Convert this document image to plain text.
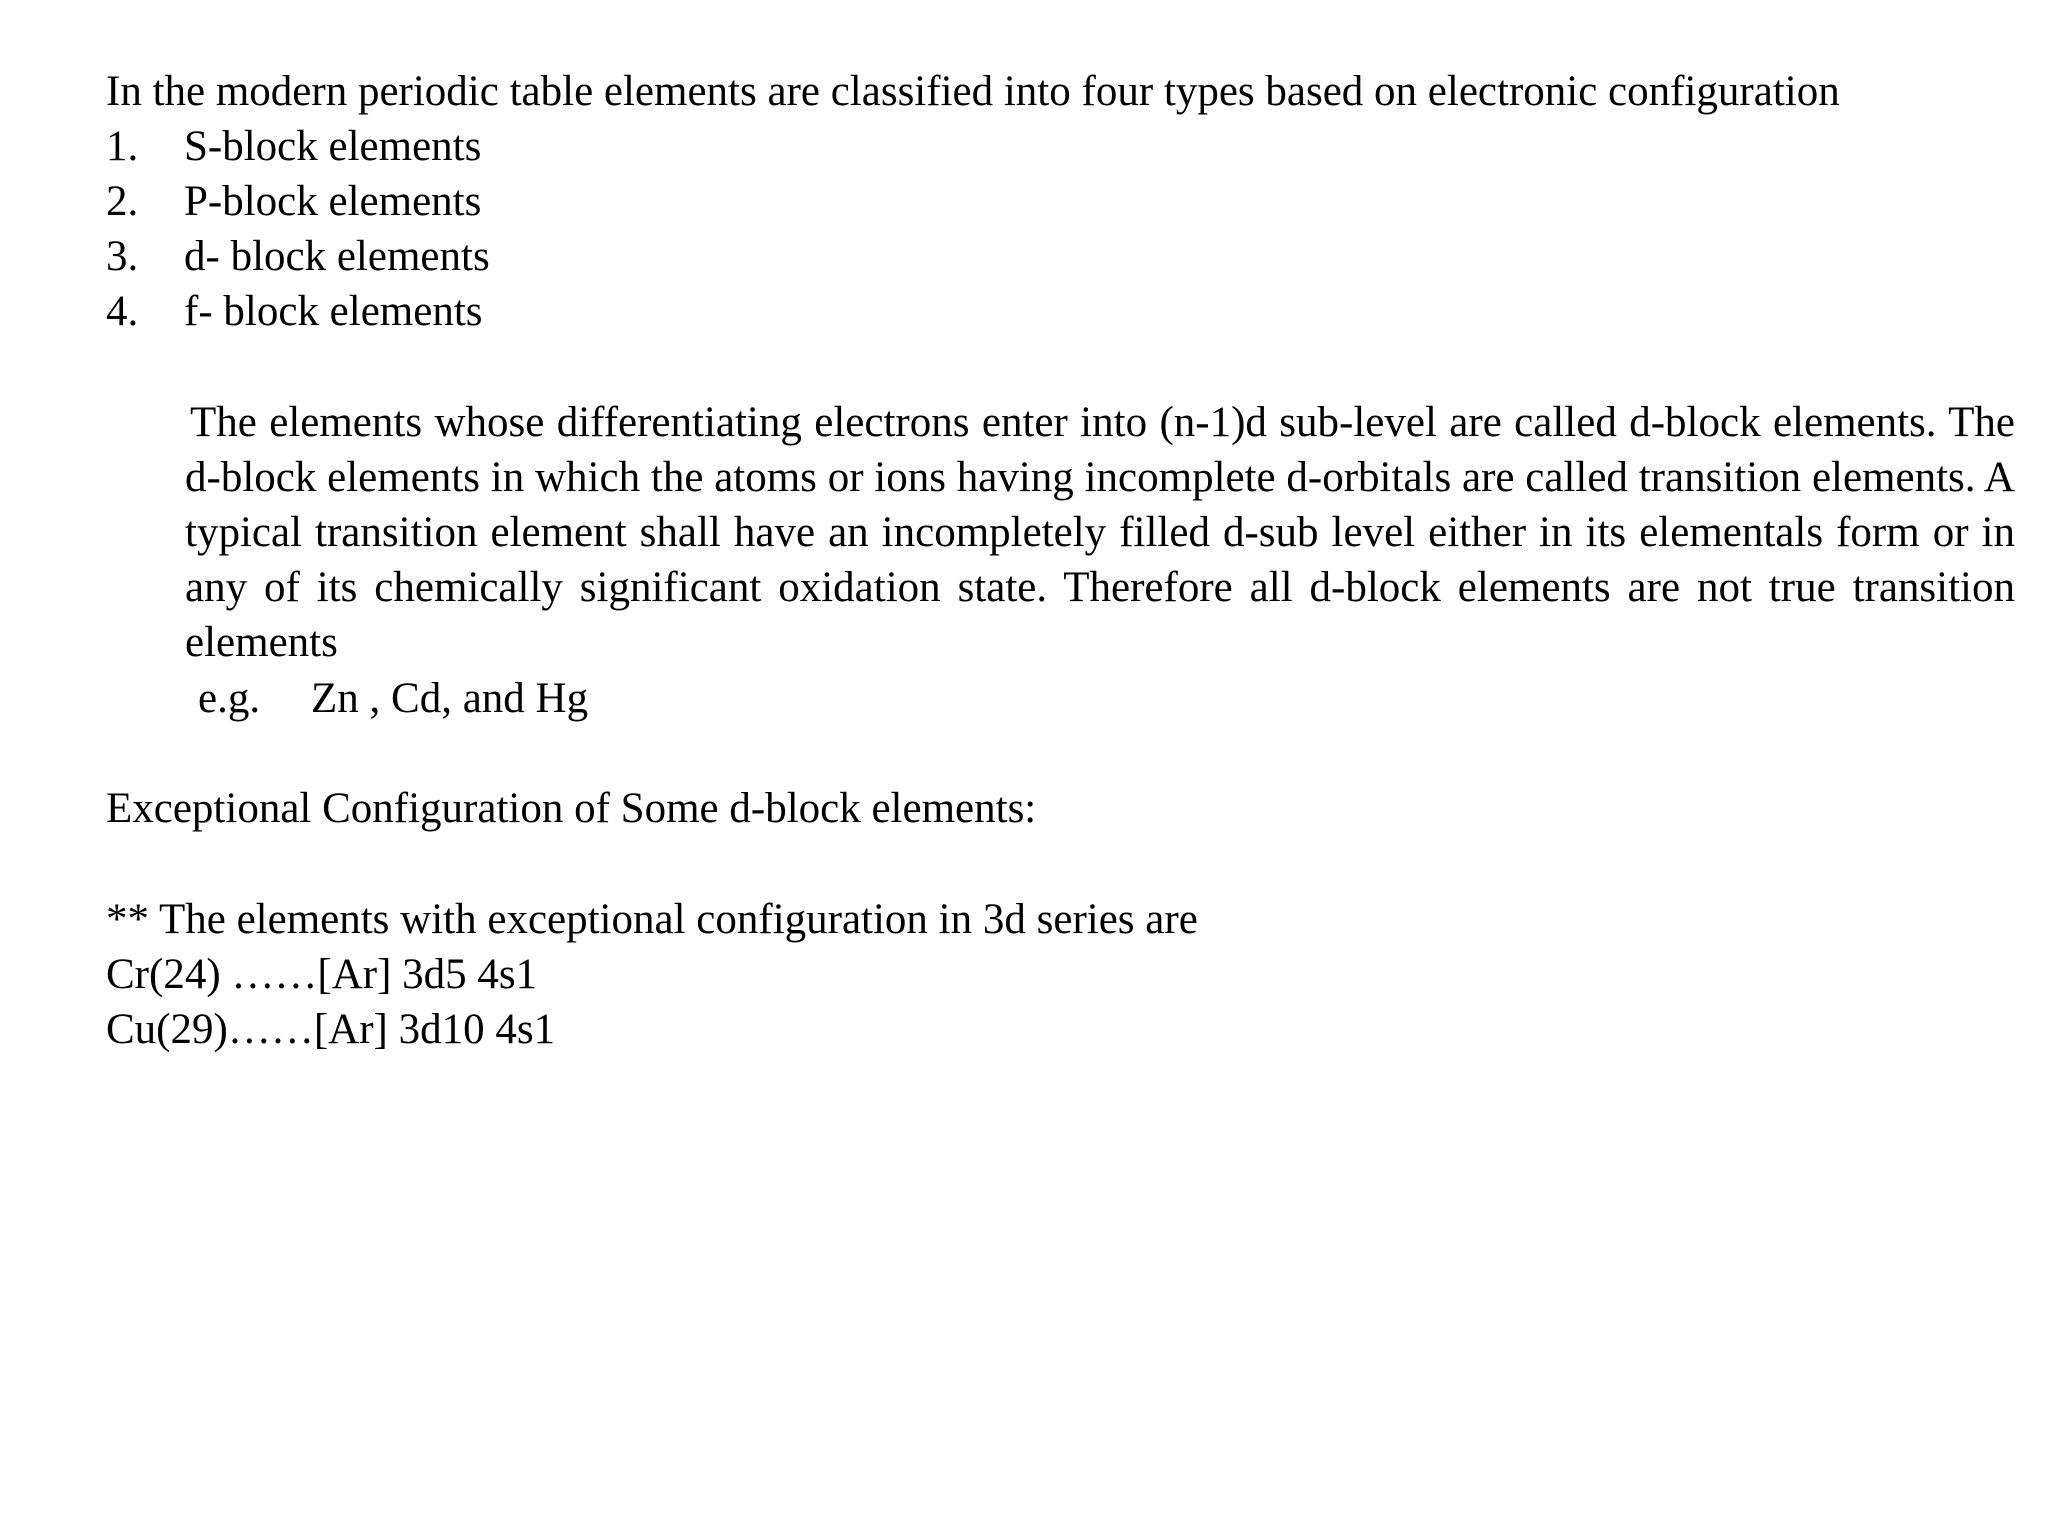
In the modern periodic table elements are classified into four types based on electronic configuration
1.	S-block elements
2.	P-block elements
3.	d- block elements
4.	f- block elements

The elements whose differentiating electrons enter into (n-1)d sub-level are called d-block elements. The d-block elements in which the atoms or ions having incomplete d-orbitals are called transition elements. A typical transition element shall have an incompletely filled d-sub level either in its elementals form or in any of its chemically significant oxidation state. Therefore all d-block elements are not true transition elements

e.g. Zn , Cd, and Hg
Exceptional Configuration of Some d-block elements:
** The elements with exceptional configuration in 3d series are
Cr(24) ……[Ar] 3d5 4s1
Cu(29)……[Ar] 3d10 4s1
